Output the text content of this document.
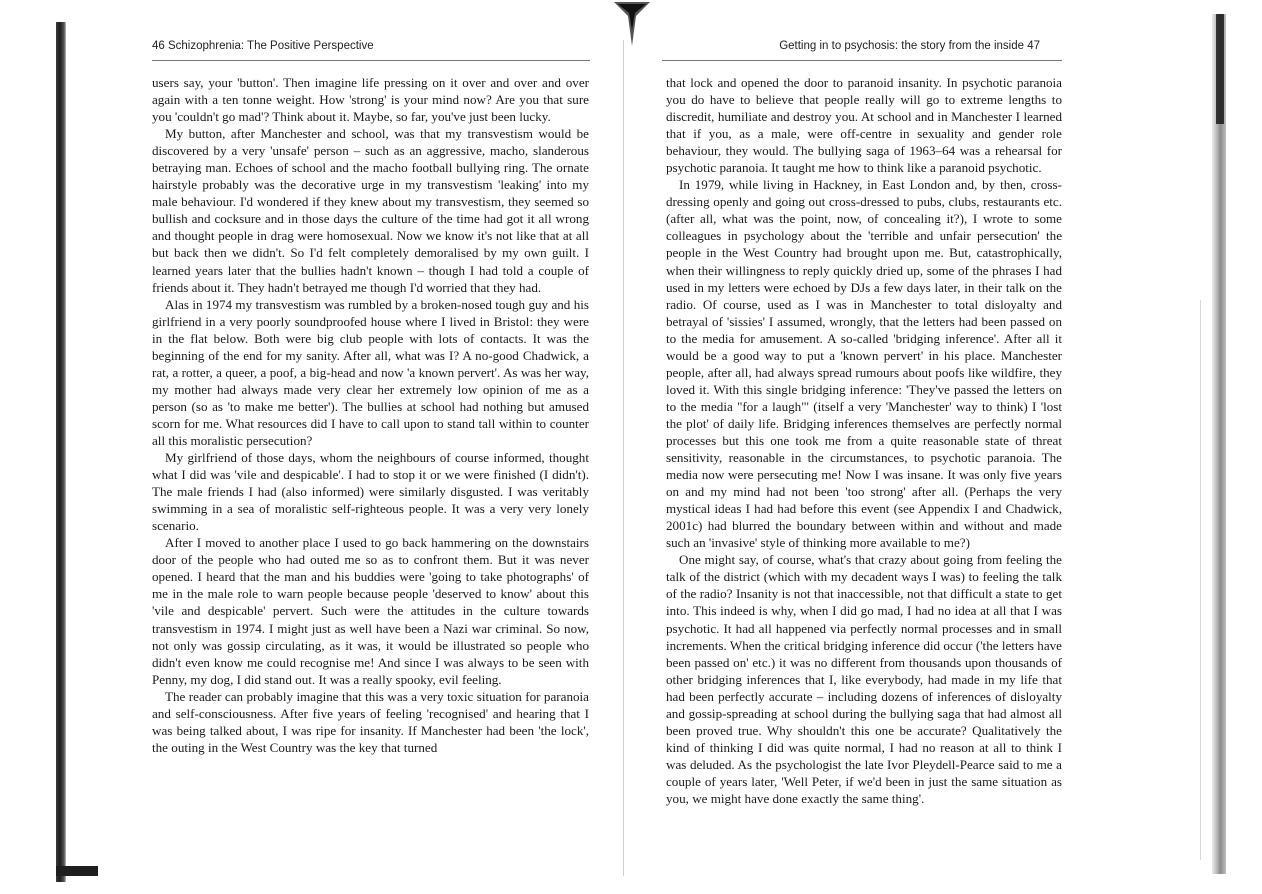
46 Schizophrenia: The Positive Perspective

users say, your 'button'. Then imagine life pressing on it over and over and over again with a ten tonne weight. How 'strong' is your mind now? Are you that sure you 'couldn't go mad'? Think about it. Maybe, so far, you've just been lucky.

My button, after Manchester and school, was that my transvestism would be discovered by a very 'unsafe' person – such as an aggressive, macho, slanderous betraying man. Echoes of school and the macho football bullying ring. The ornate hairstyle probably was the decorative urge in my transvestism 'leaking' into my male behaviour. I'd wondered if they knew about my transvestism, they seemed so bullish and cocksure and in those days the culture of the time had got it all wrong and thought people in drag were homosexual. Now we know it's not like that at all but back then we didn't. So I'd felt completely demoralised by my own guilt. I learned years later that the bullies hadn't known – though I had told a couple of friends about it. They hadn't betrayed me though I'd worried that they had.

Alas in 1974 my transvestism was rumbled by a broken-nosed tough guy and his girlfriend in a very poorly soundproofed house where I lived in Bristol: they were in the flat below. Both were big club people with lots of contacts. It was the beginning of the end for my sanity. After all, what was I? A no-good Chadwick, a rat, a rotter, a queer, a poof, a big-head and now 'a known pervert'. As was her way, my mother had always made very clear her extremely low opinion of me as a person (so as 'to make me better'). The bullies at school had nothing but amused scorn for me. What resources did I have to call upon to stand tall within to counter all this moralistic persecution?

My girlfriend of those days, whom the neighbours of course informed, thought what I did was 'vile and despicable'. I had to stop it or we were finished (I didn't). The male friends I had (also informed) were similarly disgusted. I was veritably swimming in a sea of moralistic self-righteous people. It was a very very lonely scenario.

After I moved to another place I used to go back hammering on the downstairs door of the people who had outed me so as to confront them. But it was never opened. I heard that the man and his buddies were 'going to take photographs' of me in the male role to warn people because people 'deserved to know' about this 'vile and despicable' pervert. Such were the attitudes in the culture towards transvestism in 1974. I might just as well have been a Nazi war criminal. So now, not only was gossip circulating, as it was, it would be illustrated so people who didn't even know me could recognise me! And since I was always to be seen with Penny, my dog, I did stand out. It was a really spooky, evil feeling.

The reader can probably imagine that this was a very toxic situation for paranoia and self-consciousness. After five years of feeling 'recognised' and hearing that I was being talked about, I was ripe for insanity. If Manchester had been 'the lock', the outing in the West Country was the key that turned

Getting in to psychosis: the story from the inside 47

that lock and opened the door to paranoid insanity. In psychotic paranoia you do have to believe that people really will go to extreme lengths to discredit, humiliate and destroy you. At school and in Manchester I learned that if you, as a male, were off-centre in sexuality and gender role behaviour, they would. The bullying saga of 1963–64 was a rehearsal for psychotic paranoia. It taught me how to think like a paranoid psychotic.

In 1979, while living in Hackney, in East London and, by then, cross-dressing openly and going out cross-dressed to pubs, clubs, restaurants etc. (after all, what was the point, now, of concealing it?), I wrote to some colleagues in psychology about the 'terrible and unfair persecution' the people in the West Country had brought upon me. But, catastrophically, when their willingness to reply quickly dried up, some of the phrases I had used in my letters were echoed by DJs a few days later, in their talk on the radio. Of course, used as I was in Manchester to total disloyalty and betrayal of 'sissies' I assumed, wrongly, that the letters had been passed on to the media for amusement. A so-called 'bridging inference'. After all it would be a good way to put a 'known pervert' in his place. Manchester people, after all, had always spread rumours about poofs like wildfire, they loved it. With this single bridging inference: 'They've passed the letters on to the media "for a laugh"' (itself a very 'Manchester' way to think) I 'lost the plot' of daily life. Bridging inferences themselves are perfectly normal processes but this one took me from a quite reasonable state of threat sensitivity, reasonable in the circumstances, to psychotic paranoia. The media now were persecuting me! Now I was insane. It was only five years on and my mind had not been 'too strong' after all. (Perhaps the very mystical ideas I had had before this event (see Appendix I and Chadwick, 2001c) had blurred the boundary between within and without and made such an 'invasive' style of thinking more available to me?)

One might say, of course, what's that crazy about going from feeling the talk of the district (which with my decadent ways I was) to feeling the talk of the radio? Insanity is not that inaccessible, not that difficult a state to get into. This indeed is why, when I did go mad, I had no idea at all that I was psychotic. It had all happened via perfectly normal processes and in small increments. When the critical bridging inference did occur ('the letters have been passed on' etc.) it was no different from thousands upon thousands of other bridging inferences that I, like everybody, had made in my life that had been perfectly accurate – including dozens of inferences of disloyalty and gossip-spreading at school during the bullying saga that had almost all been proved true. Why shouldn't this one be accurate? Qualitatively the kind of thinking I did was quite normal, I had no reason at all to think I was deluded. As the psychologist the late Ivor Pleydell-Pearce said to me a couple of years later, 'Well Peter, if we'd been in just the same situation as you, we might have done exactly the same thing'.
